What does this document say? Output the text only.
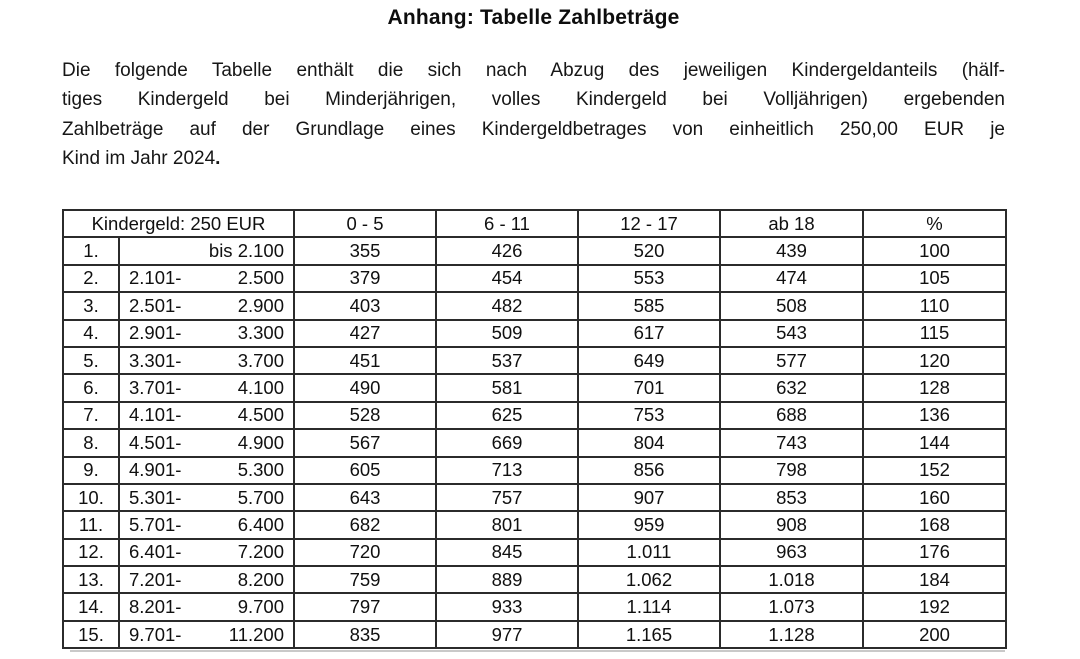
Anhang: Tabelle Zahlbeträge
Die folgende Tabelle enthält die sich nach Abzug des jeweiligen Kindergeldanteils (hälf-
tiges Kindergeld bei Minderjährigen, volles Kindergeld bei Volljährigen) ergebenden
Zahlbeträge auf der Grundlage eines Kindergeldbetrages von einheitlich 250,00 EUR je
Kind im Jahr 2024.
Kindergeld: 250 EUR		0 - 5	6 - 11	12 - 17	ab 18	%
1.	bis 2.100	355	426	520	439	100
2.	2.101- 2.500	379	454	553	474	105
3.	2.501- 2.900	403	482	585	508	110
4.	2.901- 3.300	427	509	617	543	115
5.	3.301- 3.700	451	537	649	577	120
6.	3.701- 4.100	490	581	701	632	128
7.	4.101- 4.500	528	625	753	688	136
8.	4.501- 4.900	567	669	804	743	144
9.	4.901- 5.300	605	713	856	798	152
10.	5.301- 5.700	643	757	907	853	160
11.	5.701- 6.400	682	801	959	908	168
12.	6.401- 7.200	720	845	1.011	963	176
13.	7.201- 8.200	759	889	1.062	1.018	184
14.	8.201- 9.700	797	933	1.114	1.073	192
15.	9.701- 11.200	835	977	1.165	1.128	200
